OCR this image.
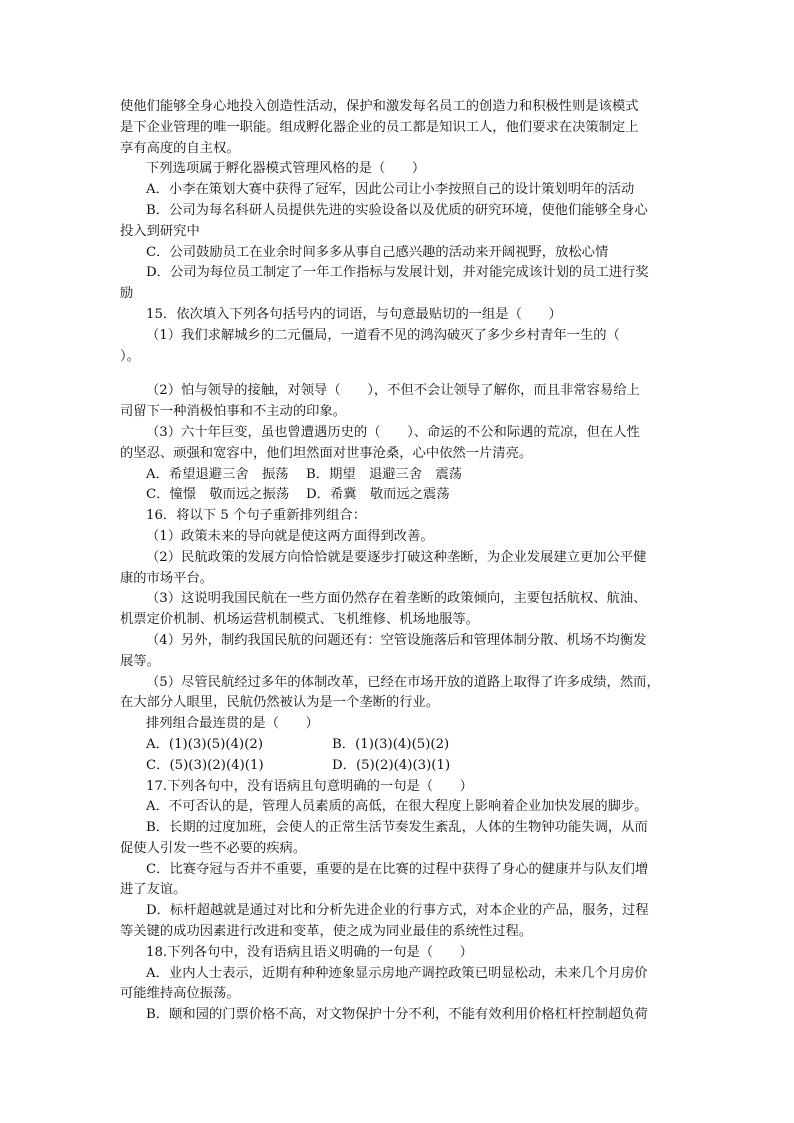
使他们能够全身心地投入创造性活动，保护和激发每名员工的创造力和积极性则是该模式

是下企业管理的唯一职能。组成孵化器企业的员工都是知识工人，他们要求在决策制定上

享有高度的自主权。

下列选项属于孵化器模式管理风格的是（　　）

A．小李在策划大赛中获得了冠军，因此公司让小李按照自己的设计策划明年的活动

B．公司为每名科研人员提供先进的实验设备以及优质的研究环境，使他们能够全身心

投入到研究中

C．公司鼓励员工在业余时间多多从事自己感兴趣的活动来开阔视野，放松心情

D．公司为每位员工制定了一年工作指标与发展计划，并对能完成该计划的员工进行奖

励

15．依次填入下列各句括号内的词语，与句意最贴切的一组是（　　）

（1）我们求解城乡的二元僵局，一道看不见的鸿沟破灭了多少乡村青年一生的（

）。

（2）怕与领导的接触，对领导（　　），不但不会让领导了解你，而且非常容易给上

司留下一种消极怕事和不主动的印象。

（3）六十年巨变，虽也曾遭遇历史的（　　）、命运的不公和际遇的荒凉，但在人性

的坚忍、顽强和宽容中，他们坦然面对世事沧桑，心中依然一片清亮。

A．希望退避三舍　振荡	B．期望　退避三舍　震荡
C．憧憬　敬而远之振荡	D．希冀　敬而远之震荡

16．将以下 5 个句子重新排列组合：

（1）政策未来的导向就是使这两方面得到改善。

（2）民航政策的发展方向恰恰就是要逐步打破这种垄断，为企业发展建立更加公平健

康的市场平台。

（3）这说明我国民航在一些方面仍然存在着垄断的政策倾向，主要包括航权、航油、

机票定价机制、机场运营机制模式、飞机维修、机场地服等。

（4）另外，制约我国民航的问题还有：空管设施落后和管理体制分散、机场不均衡发

展等。

（5）尽管民航经过多年的体制改革，已经在市场开放的道路上取得了许多成绩，然而，

在大部分人眼里，民航仍然被认为是一个垄断的行业。

排列组合最连贯的是（　　）

A．(1)(3)(5)(4)(2)	B．(1)(3)(4)(5)(2)
C．(5)(3)(2)(4)(1)	D．(5)(2)(4)(3)(1)

17.下列各句中，没有语病且句意明确的一句是（　　）

A．不可否认的是，管理人员素质的高低，在很大程度上影响着企业加快发展的脚步。

B．长期的过度加班，会使人的正常生活节奏发生紊乱，人体的生物钟功能失调，从而

促使人引发一些不必要的疾病。

C．比赛夺冠与否并不重要，重要的是在比赛的过程中获得了身心的健康并与队友们增

进了友谊。

D．标杆超越就是通过对比和分析先进企业的行事方式，对本企业的产品，服务，过程

等关键的成功因素进行改进和变革，使之成为同业最佳的系统性过程。

18.下列各句中，没有语病且语义明确的一句是（　　）

A．业内人士表示，近期有种种迹象显示房地产调控政策已明显松动，未来几个月房价

可能维持高位振荡。

B．颐和园的门票价格不高，对文物保护十分不利，不能有效利用价格杠杆控制超负荷
